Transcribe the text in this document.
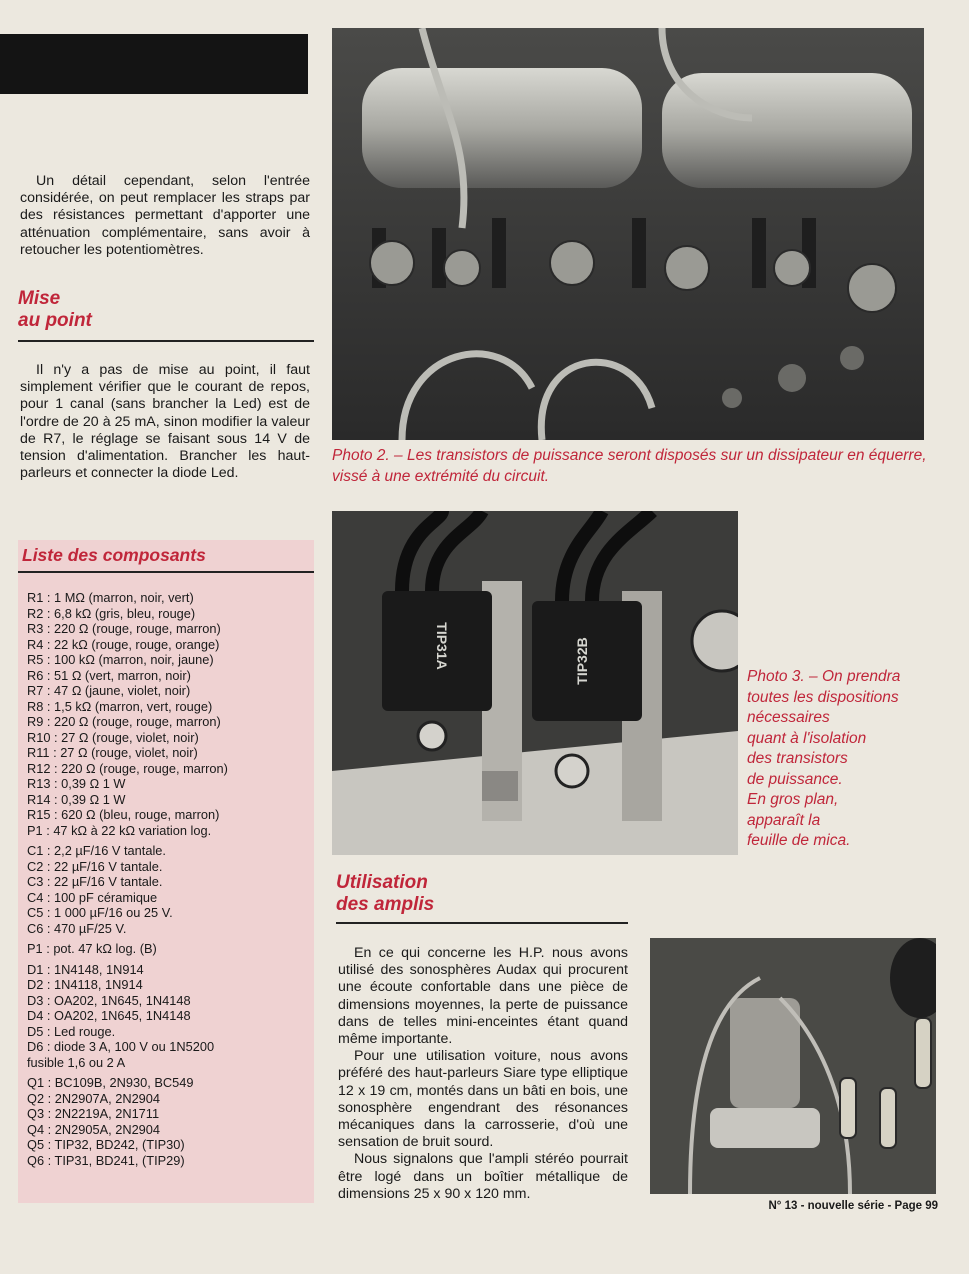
Un détail cependant, selon l'entrée considérée, on peut remplacer les straps par des résistances permettant d'apporter une atténuation complémentaire, sans avoir à retoucher les potentiomètres.

Mise
au point

Il n'y a pas de mise au point, il faut simplement vérifier que le courant de repos, pour 1 canal (sans brancher la Led) est de l'ordre de 20 à 25 mA, sinon modifier la valeur de R7, le réglage se faisant sous 14 V de tension d'alimentation. Brancher les haut-parleurs et connecter la diode Led.

Liste des composants
R1 : 1 MΩ (marron, noir, vert)
R2 : 6,8 kΩ (gris, bleu, rouge)
R3 : 220 Ω (rouge, rouge, marron)
R4 : 22 kΩ (rouge, rouge, orange)
R5 : 100 kΩ (marron, noir, jaune)
R6 : 51 Ω (vert, marron, noir)
R7 : 47 Ω (jaune, violet, noir)
R8 : 1,5 kΩ (marron, vert, rouge)
R9 : 220 Ω (rouge, rouge, marron)
R10 : 27 Ω (rouge, violet, noir)
R11 : 27 Ω (rouge, violet, noir)
R12 : 220 Ω (rouge, rouge, marron)
R13 : 0,39 Ω 1 W
R14 : 0,39 Ω 1 W
R15 : 620 Ω (bleu, rouge, marron)
P1 : 47 kΩ à 22 kΩ variation log.
C1 : 2,2 µF/16 V tantale.
C2 : 22 µF/16 V tantale.
C3 : 22 µF/16 V tantale.
C4 : 100 pF céramique
C5 : 1 000 µF/16 ou 25 V.
C6 : 470 µF/25 V.
P1 : pot. 47 kΩ log. (B)
D1 : 1N4148, 1N914
D2 : 1N4118, 1N914
D3 : OA202, 1N645, 1N4148
D4 : OA202, 1N645, 1N4148
D5 : Led rouge.
D6 : diode 3 A, 100 V ou 1N5200
fusible 1,6 ou 2 A
Q1 : BC109B, 2N930, BC549
Q2 : 2N2907A, 2N2904
Q3 : 2N2219A, 2N1711
Q4 : 2N2905A, 2N2904
Q5 : TIP32, BD242, (TIP30)
Q6 : TIP31, BD241, (TIP29)
Photo 2. – Les transistors de puissance seront disposés sur un dissipateur en équerre, vissé à une extrémité du circuit.
TIP31A	TIP32B	Photo 3. – On prendra
toutes les dispositions
nécessaires
quant à l'isolation
des transistors
de puissance.
En gros plan,
apparaît la
feuille de mica.
Utilisation
des amplis

En ce qui concerne les H.P. nous avons utilisé des sonosphères Audax qui procurent une écoute confortable dans une pièce de dimensions moyennes, la perte de puissance dans de telles mini-enceintes étant quand même importante.

Pour une utilisation voiture, nous avons préféré des haut-parleurs Siare type elliptique 12 x 19 cm, montés dans un bâti en bois, une sonosphère engendrant des résonances mécaniques dans la carrosserie, d'où une sensation de bruit sourd.

Nous signalons que l'ampli stéréo pourrait être logé dans un boîtier métallique de dimensions 25 x 90 x 120 mm.

N° 13 - nouvelle série - Page 99
